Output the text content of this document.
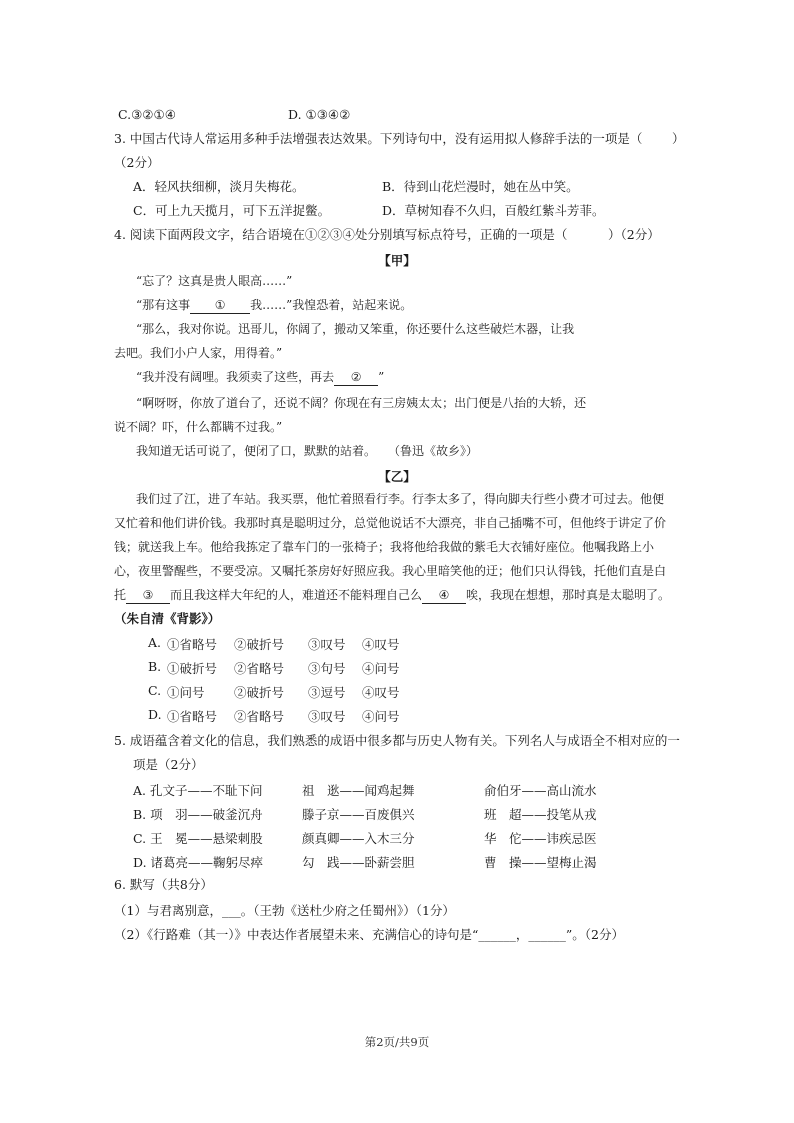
C.③②①④	D. ①③④②
3. 中国古代诗人常运用多种手法增强表达效果。下列诗句中，没有运用拟人修辞手法的一项是（ ）
（2分）
A．轻风扶细柳，淡月失梅花。	B．待到山花烂漫时，她在丛中笑。
C．可上九天揽月，可下五洋捉鳖。	D．草树知春不久归，百般红紫斗芳菲。
4. 阅读下面两段文字，结合语境在①②③④处分别填写标点符号，正确的一项是（	）（2分）
【甲】
“忘了？这真是贵人眼高……”
“那有这事 ① 我……”我惶恐着，站起来说。
“那么，我对你说。迅哥儿，你阔了，搬动又笨重，你还要什么这些破烂木器，让我
去吧。我们小户人家，用得着。”
“我并没有阔哩。我须卖了这些，再去 ② ”
“啊呀呀，你放了道台了，还说不阔？你现在有三房姨太太；出门便是八抬的大轿，还
说不阔？吓，什么都瞒不过我。”
我知道无话可说了，便闭了口，默默的站着。　　（鲁迅《故乡》）
【乙】
我们过了江，进了车站。我买票，他忙着照看行李。行李太多了，得向脚夫行些小费才可过去。他便
又忙着和他们讲价钱。我那时真是聪明过分，总觉他说话不大漂亮，非自己插嘴不可，但他终于讲定了价
钱；就送我上车。他给我拣定了靠车门的一张椅子；我将他给我做的紫毛大衣铺好座位。他嘱我路上小
心，夜里警醒些，不要受凉。又嘱托茶房好好照应我。我心里暗笑他的迂；他们只认得钱，托他们直是白
托 ③ 而且我这样大年纪的人，难道还不能料理自己么 ④ 唉，我现在想想，那时真是太聪明了。
（朱自清《背影》）
A. ①省略号 ②破折号 ③叹号 ④叹号
B. ①破折号 ②省略号 ③句号 ④问号
C. ①问号 ②破折号 ③逗号 ④叹号
D. ①省略号 ②省略号 ③叹号 ④问号
5. 成语蕴含着文化的信息，我们熟悉的成语中很多都与历史人物有关。下列名人与成语全不相对应的一
项是（2分）
A. 孔文子——不耻下问	祖　逖——闻鸡起舞	俞伯牙——高山流水
B. 项　羽——破釜沉舟	滕子京——百废俱兴	班　超——投笔从戎
C. 王　冕——悬梁刺股	颜真卿——入木三分	华　佗——讳疾忌医
D. 诸葛亮——鞠躬尽瘁	勾　践——卧薪尝胆	曹　操——望梅止渴
6. 默写（共8分）
（1）与君离别意，___。（王勃《送杜少府之任蜀州》）（1分）
（2）《行路难（其一）》中表达作者展望未来、充满信心的诗句是“______，______”。（2分）
第2页/共9页
